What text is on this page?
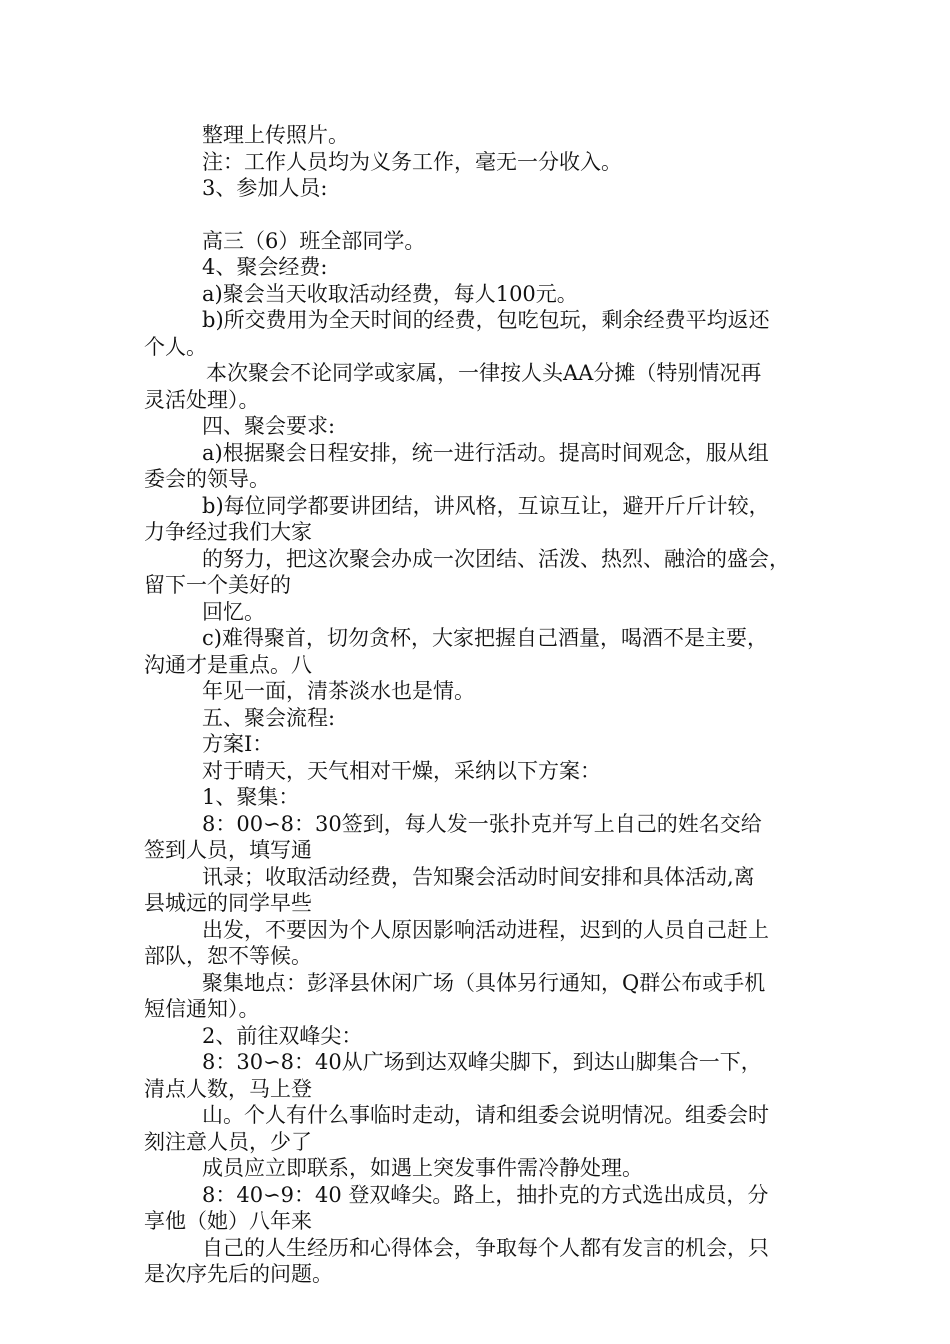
整理上传照片。

注：工作人员均为义务工作，毫无一分收入。

3、参加人员:

高三（6）班全部同学。

4、聚会经费:

a)聚会当天收取活动经费，每人100元。

b)所交费用为全天时间的经费，包吃包玩，剩余经费平均返还

个人。

本次聚会不论同学或家属，一律按人头AA分摊（特别情况再

灵活处理）。

四、聚会要求:

a)根据聚会日程安排，统一进行活动。提高时间观念，服从组

委会的领导。

b)每位同学都要讲团结，讲风格，互谅互让，避开斤斤计较，

力争经过我们大家

的努力，把这次聚会办成一次团结、活泼、热烈、融洽的盛会，

留下一个美好的

回忆。

c)难得聚首，切勿贪杯，大家把握自己酒量，喝酒不是主要，

沟通才是重点。八

年见一面，清茶淡水也是情。

五、聚会流程:

方案Ⅰ：

对于晴天，天气相对干燥，采纳以下方案：

1、聚集：

8：00∽8：30签到，每人发一张扑克并写上自己的姓名交给

签到人员，填写通

讯录；收取活动经费，告知聚会活动时间安排和具体活动,离

县城远的同学早些

出发，不要因为个人原因影响活动进程，迟到的人员自己赶上

部队，恕不等候。

聚集地点：彭泽县休闲广场（具体另行通知，Q群公布或手机

短信通知）。

2、前往双峰尖：

8：30∽8：40从广场到达双峰尖脚下，到达山脚集合一下，

清点人数，马上登

山。个人有什么事临时走动，请和组委会说明情况。组委会时

刻注意人员，少了

成员应立即联系，如遇上突发事件需冷静处理。

8：40∽9：40 登双峰尖。路上，抽扑克的方式选出成员，分

享他（她）八年来

自己的人生经历和心得体会，争取每个人都有发言的机会，只

是次序先后的问题。
